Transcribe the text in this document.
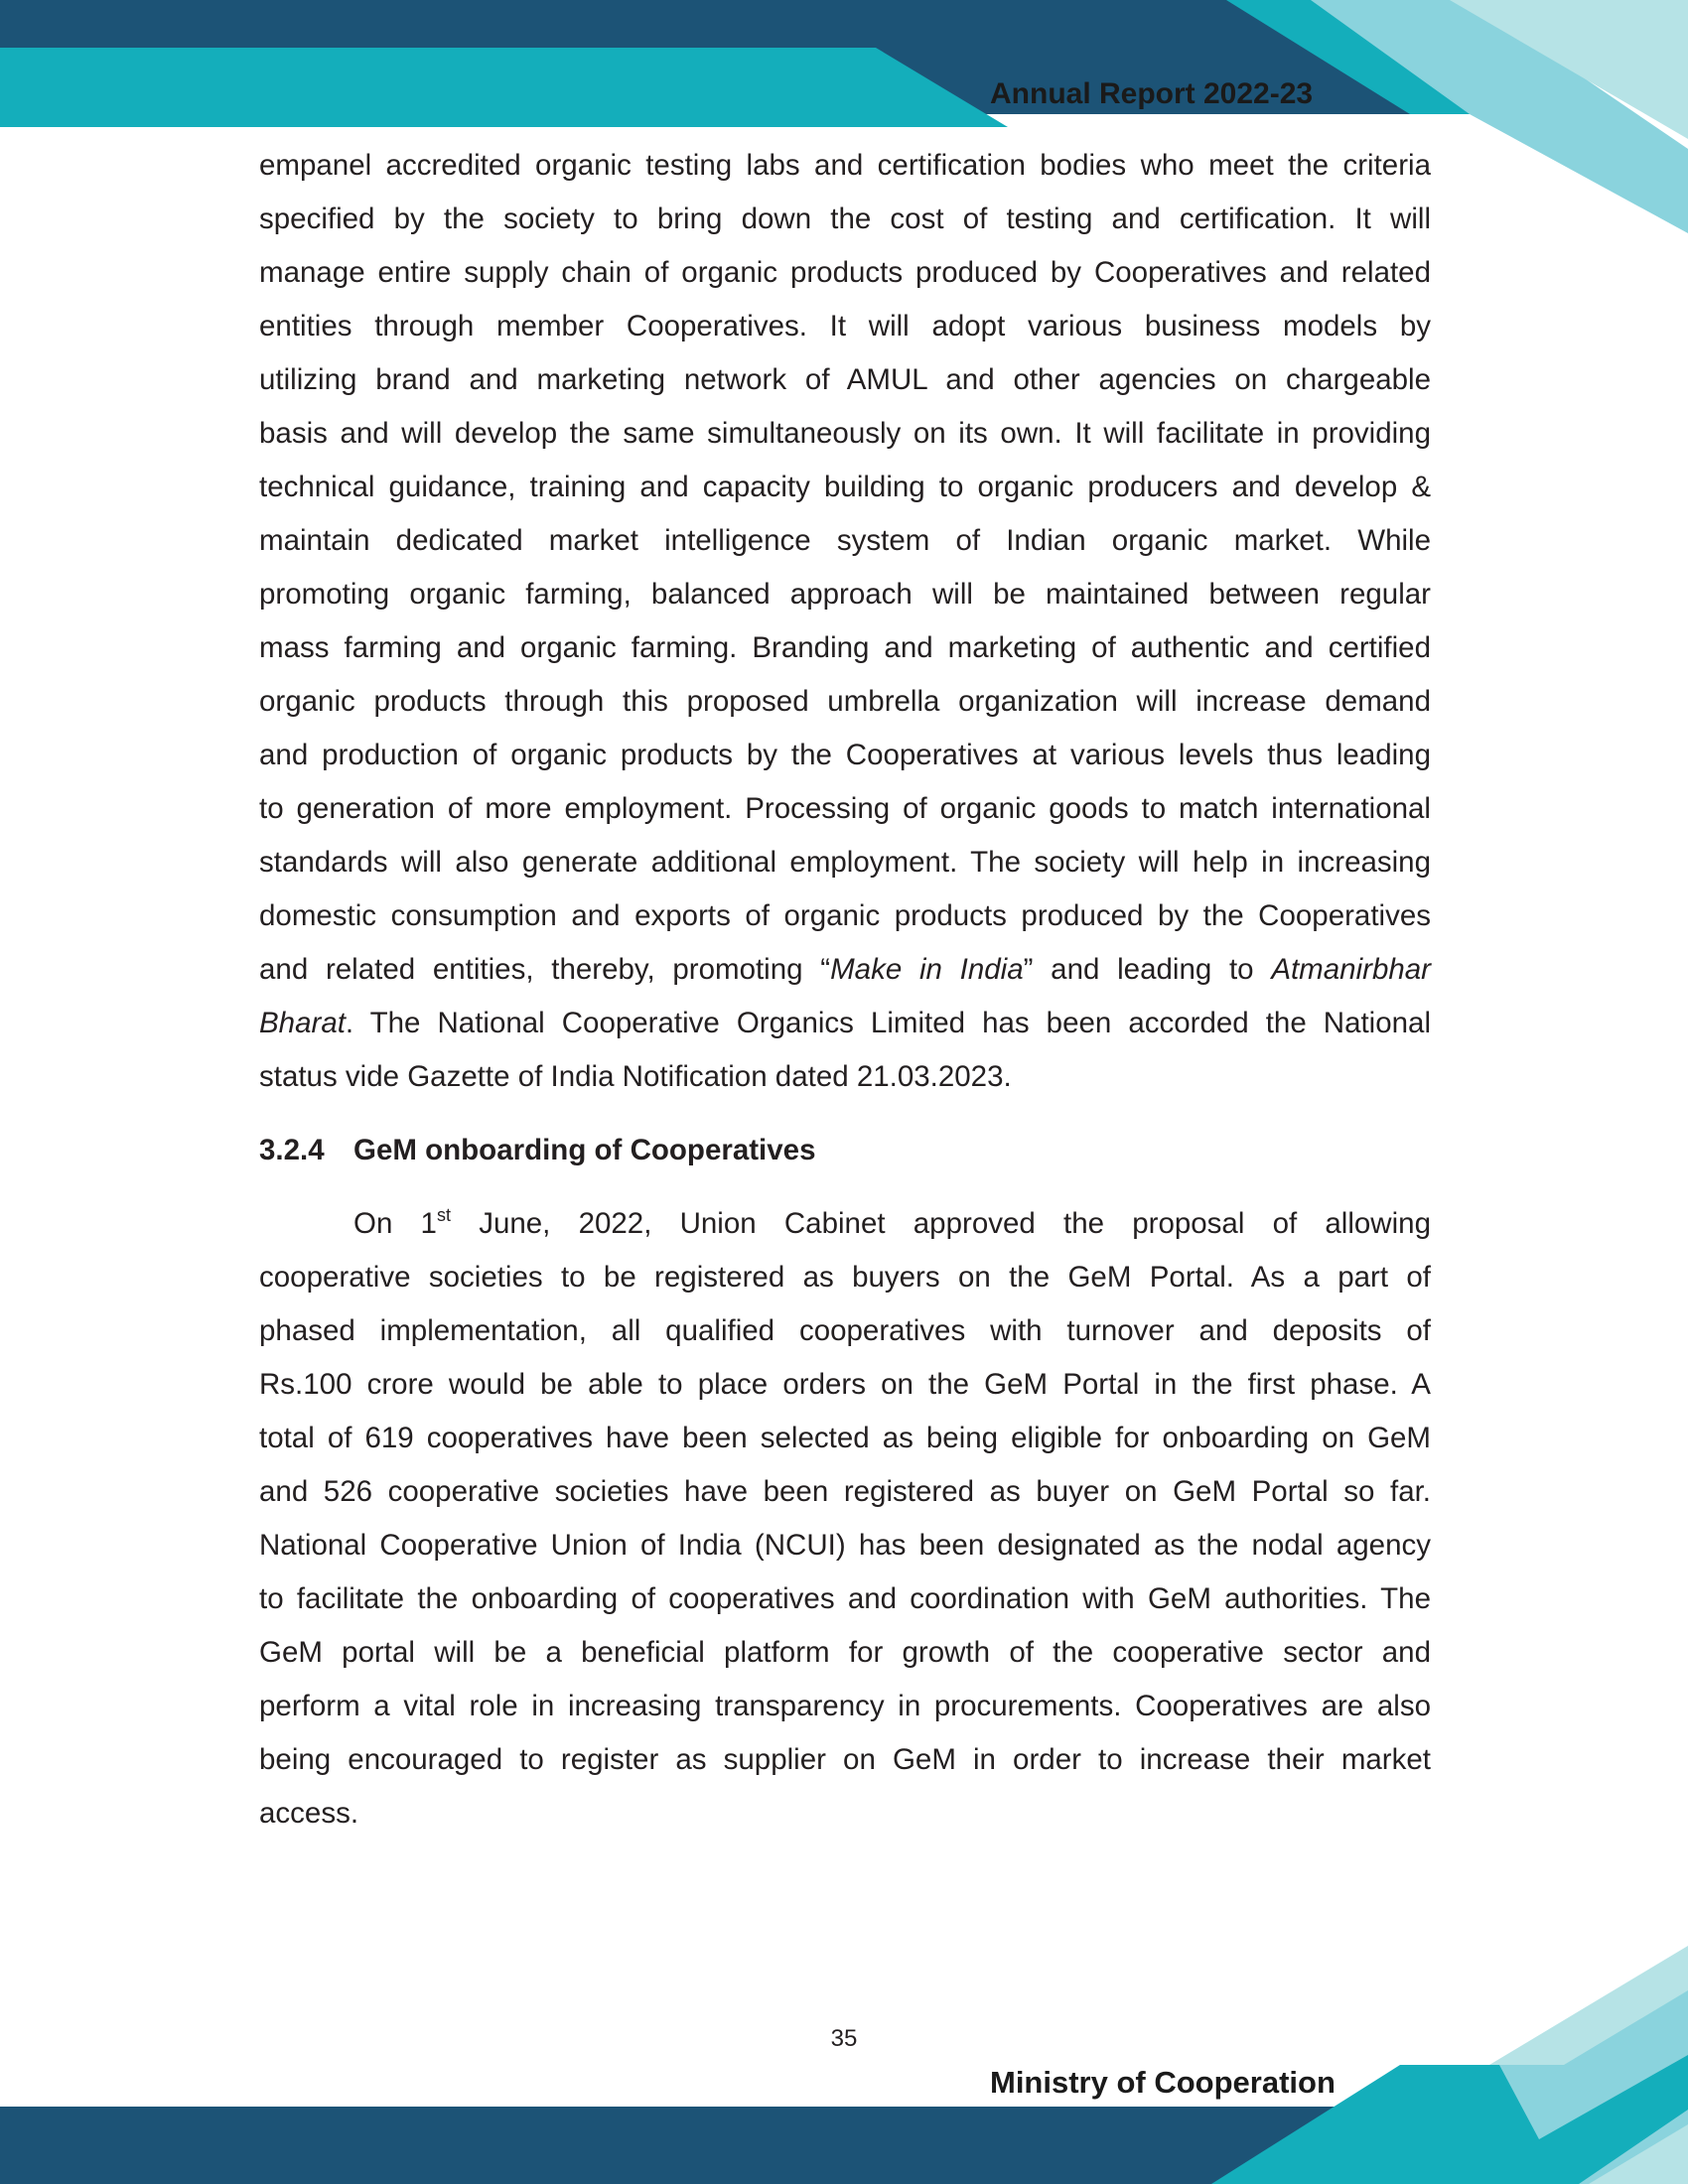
Annual Report 2022-23
empanel accredited organic testing labs and certification bodies who meet the criteria
specified by the society to bring down the cost of testing and certification. It will
manage entire supply chain of organic products produced by Cooperatives and related
entities through member Cooperatives. It will adopt various business models by
utilizing brand and marketing network of AMUL and other agencies on chargeable
basis and will develop the same simultaneously on its own. It will facilitate in providing
technical guidance, training and capacity building to organic producers and develop &
maintain dedicated market intelligence system of Indian organic market. While
promoting organic farming, balanced approach will be maintained between regular
mass farming and organic farming. Branding and marketing of authentic and certified
organic products through this proposed umbrella organization will increase demand
and production of organic products by the Cooperatives at various levels thus leading
to generation of more employment. Processing of organic goods to match international
standards will also generate additional employment. The society will help in increasing
domestic consumption and exports of organic products produced by the Cooperatives
and related entities, thereby, promoting “Make in India” and leading to Atmanirbhar
Bharat. The National Cooperative Organics Limited has been accorded the National
status vide Gazette of India Notification dated 21.03.2023.
3.2.4 GeM onboarding of Cooperatives
On 1st June, 2022, Union Cabinet approved the proposal of allowing
cooperative societies to be registered as buyers on the GeM Portal. As a part of
phased implementation, all qualified cooperatives with turnover and deposits of
Rs.100 crore would be able to place orders on the GeM Portal in the first phase. A
total of 619 cooperatives have been selected as being eligible for onboarding on GeM
and 526 cooperative societies have been registered as buyer on GeM Portal so far.
National Cooperative Union of India (NCUI) has been designated as the nodal agency
to facilitate the onboarding of cooperatives and coordination with GeM authorities. The
GeM portal will be a beneficial platform for growth of the cooperative sector and
perform a vital role in increasing transparency in procurements. Cooperatives are also
being encouraged to register as supplier on GeM in order to increase their market
access.
35
Ministry of Cooperation
